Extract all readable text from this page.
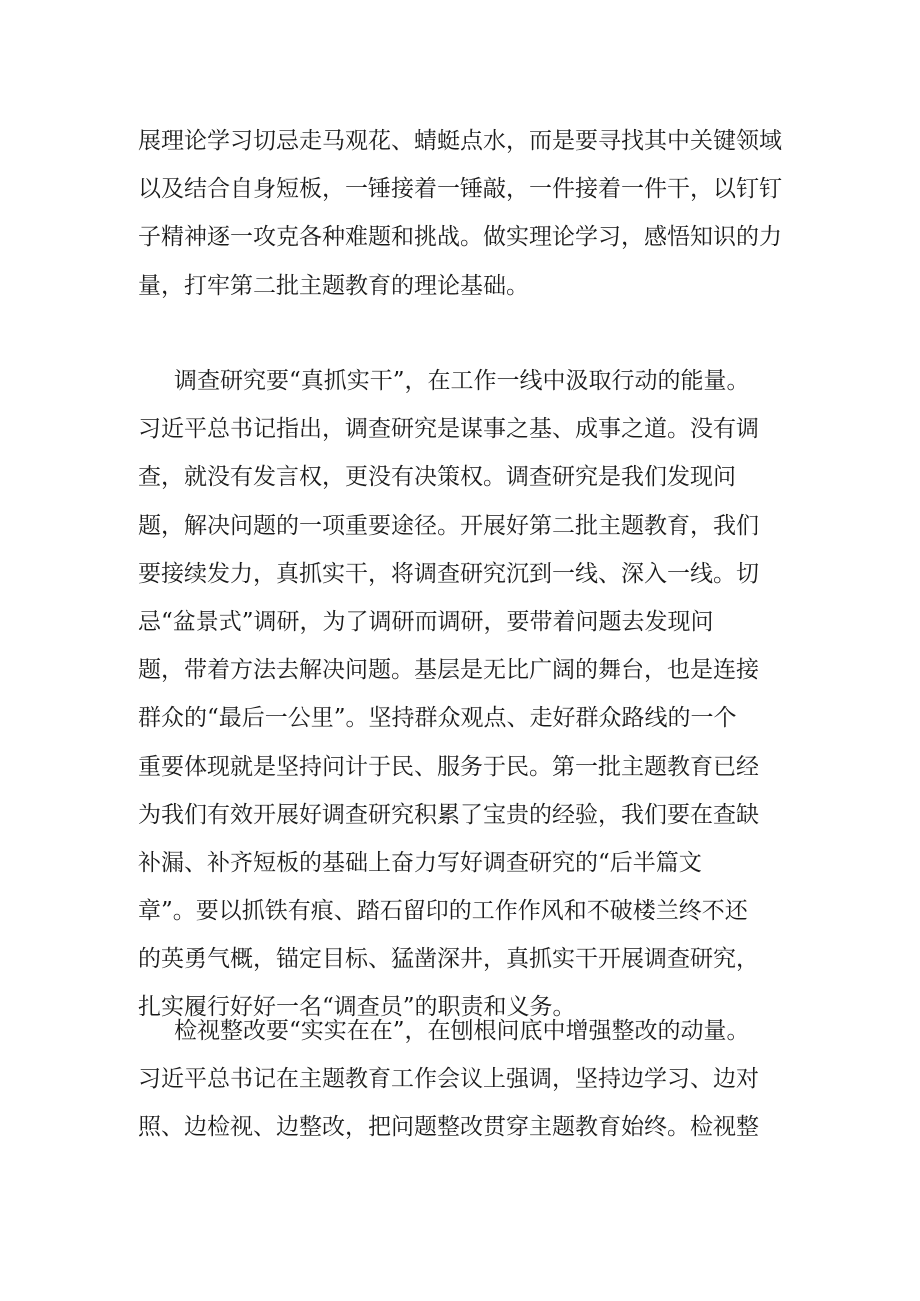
展理论学习切忌走马观花、蜻蜓点水，而是要寻找其中关键领域
以及结合自身短板，一锤接着一锤敲，一件接着一件干，以钉钉
子精神逐一攻克各种难题和挑战。做实理论学习，感悟知识的力
量，打牢第二批主题教育的理论基础。
调查研究要“真抓实干”，在工作一线中汲取行动的能量。
习近平总书记指出，调查研究是谋事之基、成事之道。没有调
查，就没有发言权，更没有决策权。调查研究是我们发现问
题，解决问题的一项重要途径。开展好第二批主题教育，我们
要接续发力，真抓实干，将调查研究沉到一线、深入一线。切
忌“盆景式”调研，为了调研而调研，要带着问题去发现问
题，带着方法去解决问题。基层是无比广阔的舞台，也是连接
群众的“最后一公里”。坚持群众观点、走好群众路线的一个
重要体现就是坚持问计于民、服务于民。第一批主题教育已经
为我们有效开展好调查研究积累了宝贵的经验，我们要在查缺
补漏、补齐短板的基础上奋力写好调查研究的“后半篇文
章”。要以抓铁有痕、踏石留印的工作作风和不破楼兰终不还
的英勇气概，锚定目标、猛凿深井，真抓实干开展调查研究，
扎实履行好好一名“调查员”的职责和义务。
检视整改要“实实在在”，在刨根问底中增强整改的动量。
习近平总书记在主题教育工作会议上强调，坚持边学习、边对
照、边检视、边整改，把问题整改贯穿主题教育始终。检视整
